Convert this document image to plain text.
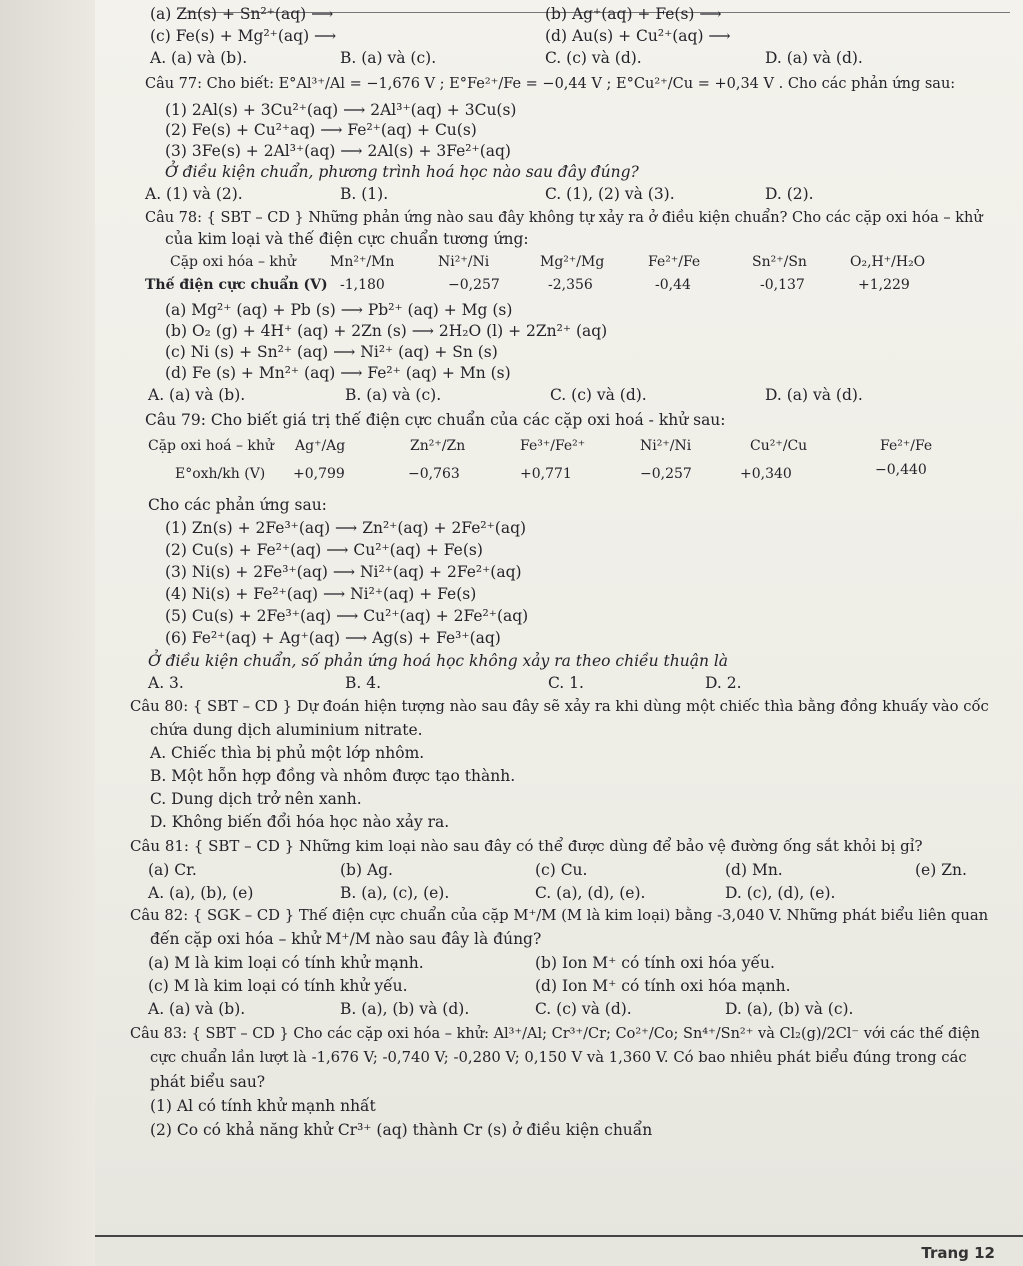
(a) Zn(s) + Sn²⁺(aq) ⟶	(b) Ag⁺(aq) + Fe(s) ⟶
(c) Fe(s) + Mg²⁺(aq) ⟶	(d) Au(s) + Cu²⁺(aq) ⟶
A. (a) và (b).	B. (a) và (c).	C. (c) và (d).	D. (a) và (d).
Câu 77: Cho biết: E°Al³⁺/Al = −1,676 V ; E°Fe²⁺/Fe = −0,44 V ; E°Cu²⁺/Cu = +0,34 V . Cho các phản ứng sau:
(1) 2Al(s) + 3Cu²⁺(aq) ⟶ 2Al³⁺(aq) + 3Cu(s)
(2) Fe(s) + Cu²⁺aq) ⟶ Fe²⁺(aq) + Cu(s)
(3) 3Fe(s) + 2Al³⁺(aq) ⟶ 2Al(s) + 3Fe²⁺(aq)
Ở điều kiện chuẩn, phương trình hoá học nào sau đây đúng?
A. (1) và (2).	B. (1).	C. (1), (2) và (3).	D. (2).
Câu 78: { SBT – CD } Những phản ứng nào sau đây không tự xảy ra ở điều kiện chuẩn? Cho các cặp oxi hóa – khử
của kim loại và thế điện cực chuẩn tương ứng:
Cặp oxi hóa – khử Mn²⁺/Mn	Ni²⁺/Ni	Mg²⁺/Mg	Fe²⁺/Fe	Sn²⁺/Sn	O₂,H⁺/H₂O
Thế điện cực chuẩn (V) -1,180	−0,257	-2,356	-0,44	-0,137	+1,229
(a) Mg²⁺ (aq) + Pb (s) ⟶ Pb²⁺ (aq) + Mg (s)
(b) O₂ (g) + 4H⁺ (aq) + 2Zn (s) ⟶ 2H₂O (l) + 2Zn²⁺ (aq)
(c) Ni (s) + Sn²⁺ (aq) ⟶ Ni²⁺ (aq) + Sn (s)
(d) Fe (s) + Mn²⁺ (aq) ⟶ Fe²⁺ (aq) + Mn (s)
A. (a) và (b).	B. (a) và (c).	C. (c) và (d).	D. (a) và (d).
Câu 79: Cho biết giá trị thế điện cực chuẩn của các cặp oxi hoá - khử sau:
Cặp oxi hoá – khử Ag⁺/Ag	Zn²⁺/Zn	Fe³⁺/Fe²⁺	Ni²⁺/Ni	Cu²⁺/Cu	Fe²⁺/Fe
E°oxh/kh (V) +0,799	−0,763	+0,771	−0,257	+0,340	−0,440
Cho các phản ứng sau:
(1) Zn(s) + 2Fe³⁺(aq) ⟶ Zn²⁺(aq) + 2Fe²⁺(aq)
(2) Cu(s) + Fe²⁺(aq) ⟶ Cu²⁺(aq) + Fe(s)
(3) Ni(s) + 2Fe³⁺(aq) ⟶ Ni²⁺(aq) + 2Fe²⁺(aq)
(4) Ni(s) + Fe²⁺(aq) ⟶ Ni²⁺(aq) + Fe(s)
(5) Cu(s) + 2Fe³⁺(aq) ⟶ Cu²⁺(aq) + 2Fe²⁺(aq)
(6) Fe²⁺(aq) + Ag⁺(aq) ⟶ Ag(s) + Fe³⁺(aq)
Ở điều kiện chuẩn, số phản ứng hoá học không xảy ra theo chiều thuận là
A. 3.	B. 4.	C. 1.	D. 2.
Câu 80: { SBT – CD } Dự đoán hiện tượng nào sau đây sẽ xảy ra khi dùng một chiếc thìa bằng đồng khuấy vào cốc
chứa dung dịch aluminium nitrate.
A. Chiếc thìa bị phủ một lớp nhôm.
B. Một hỗn hợp đồng và nhôm được tạo thành.
C. Dung dịch trở nên xanh.
D. Không biến đổi hóa học nào xảy ra.
Câu 81: { SBT – CD } Những kim loại nào sau đây có thể được dùng để bảo vệ đường ống sắt khỏi bị gỉ?
(a) Cr.	(b) Ag.	(c) Cu.	(d) Mn.	(e) Zn.
A. (a), (b), (e)	B. (a), (c), (e).	C. (a), (d), (e).	D. (c), (d), (e).
Câu 82: { SGK – CD } Thế điện cực chuẩn của cặp M⁺/M (M là kim loại) bằng -3,040 V. Những phát biểu liên quan
đến cặp oxi hóa – khử M⁺/M nào sau đây là đúng?
(a) M là kim loại có tính khử mạnh.	(b) Ion M⁺ có tính oxi hóa yếu.
(c) M là kim loại có tính khử yếu.	(d) Ion M⁺ có tính oxi hóa mạnh.
A. (a) và (b).	B. (a), (b) và (d).	C. (c) và (d).	D. (a), (b) và (c).
Câu 83: { SBT – CD } Cho các cặp oxi hóa – khử: Al³⁺/Al; Cr³⁺/Cr; Co²⁺/Co; Sn⁴⁺/Sn²⁺ và Cl₂(g)/2Cl⁻ với các thế điện
cực chuẩn lần lượt là -1,676 V; -0,740 V; -0,280 V; 0,150 V và 1,360 V. Có bao nhiêu phát biểu đúng trong các
phát biểu sau?
(1) Al có tính khử mạnh nhất
(2) Co có khả năng khử Cr³⁺ (aq) thành Cr (s) ở điều kiện chuẩn
Trang 12
